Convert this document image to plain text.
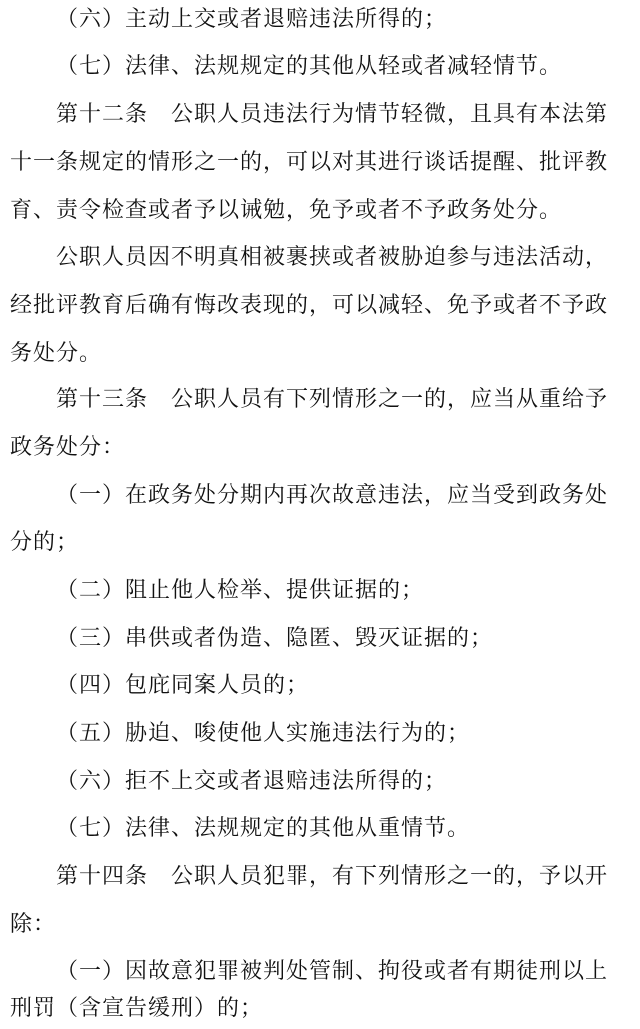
（六）主动上交或者退赔违法所得的；
（七）法律、法规规定的其他从轻或者减轻情节。
第十二条　公职人员违法行为情节轻微，且具有本法第
十一条规定的情形之一的，可以对其进行谈话提醒、批评教
育、责令检查或者予以诫勉，免予或者不予政务处分。
公职人员因不明真相被裹挟或者被胁迫参与违法活动，
经批评教育后确有悔改表现的，可以减轻、免予或者不予政
务处分。
第十三条　公职人员有下列情形之一的，应当从重给予
政务处分：
（一）在政务处分期内再次故意违法，应当受到政务处
分的；
（二）阻止他人检举、提供证据的；
（三）串供或者伪造、隐匿、毁灭证据的；
（四）包庇同案人员的；
（五）胁迫、唆使他人实施违法行为的；
（六）拒不上交或者退赔违法所得的；
（七）法律、法规规定的其他从重情节。
第十四条　公职人员犯罪，有下列情形之一的，予以开
除：
（一）因故意犯罪被判处管制、拘役或者有期徒刑以上
刑罚（含宣告缓刑）的；
